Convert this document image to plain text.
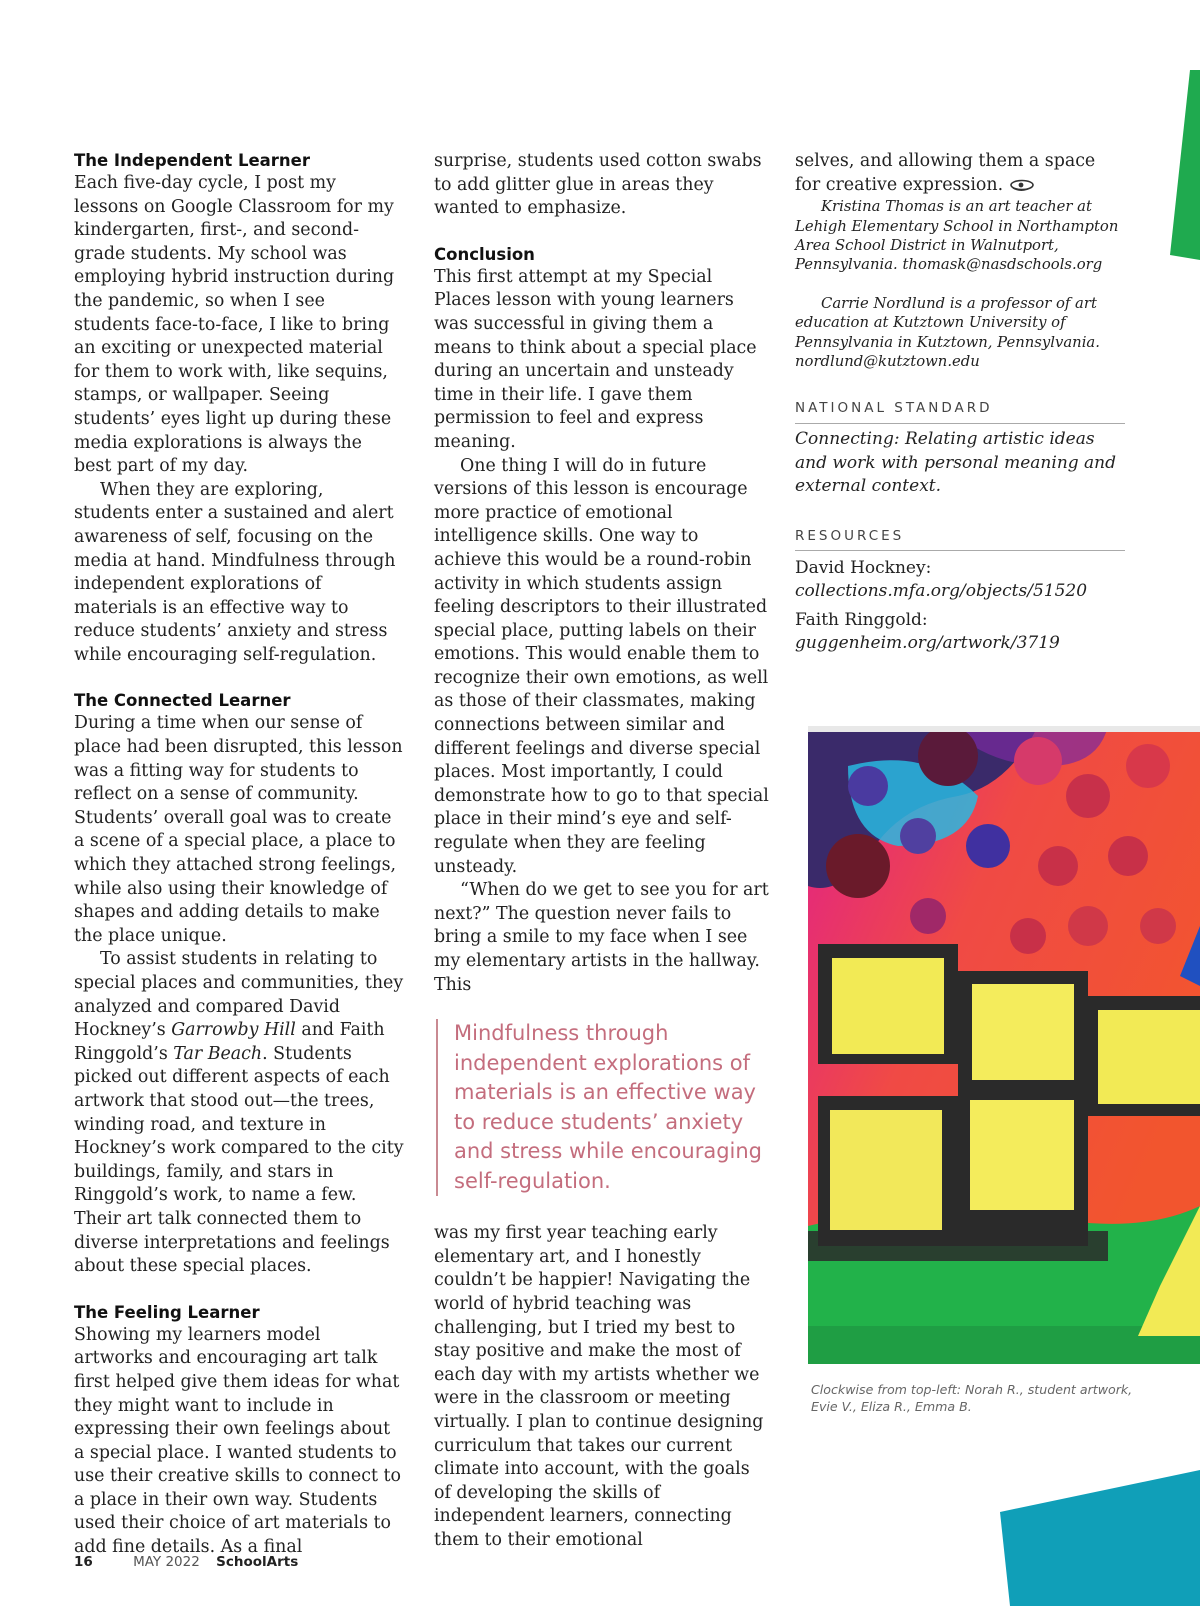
The Independent Learner

Each five-day cycle, I post my lessons on Google Classroom for my kindergarten, first-, and second-grade students. My school was employing hybrid instruction during the pandemic, so when I see students face-to-face, I like to bring an exciting or unexpected material for them to work with, like sequins, stamps, or wallpaper. Seeing students’ eyes light up during these media explorations is always the best part of my day.

When they are exploring, students enter a sustained and alert awareness of self, focusing on the media at hand. Mindfulness through independent explorations of materials is an effective way to reduce students’ anxiety and stress while encouraging self-regulation.

The Connected Learner

During a time when our sense of place had been disrupted, this lesson was a fitting way for students to reflect on a sense of community. Students’ overall goal was to create a scene of a special place, a place to which they attached strong feelings, while also using their knowledge of shapes and adding details to make the place unique.

To assist students in relating to special places and communities, they analyzed and compared David Hockney’s Garrowby Hill and Faith Ringgold’s Tar Beach. Students picked out different aspects of each artwork that stood out—the trees, winding road, and texture in Hockney’s work compared to the city buildings, family, and stars in Ringgold’s work, to name a few. Their art talk connected them to diverse interpretations and feelings about these special places.

The Feeling Learner

Showing my learners model artworks and encouraging art talk first helped give them ideas for what they might want to include in expressing their own feelings about a special place. I wanted students to use their creative skills to connect to a place in their own way. Students used their choice of art materials to add fine details. As a final

surprise, students used cotton swabs to add glitter glue in areas they wanted to emphasize.

Conclusion

This first attempt at my Special Places lesson with young learners was successful in giving them a means to think about a special place during an uncertain and unsteady time in their life. I gave them permission to feel and express meaning.

One thing I will do in future versions of this lesson is encourage more practice of emotional intelligence skills. One way to achieve this would be a round-robin activity in which students assign feeling descriptors to their illustrated special place, putting labels on their emotions. This would enable them to recognize their own emotions, as well as those of their classmates, making connections between similar and different feelings and diverse special places. Most importantly, I could demonstrate how to go to that special place in their mind’s eye and self-regulate when they are feeling unsteady.

“When do we get to see you for art next?” The question never fails to bring a smile to my face when I see my elementary artists in the hallway. This

Mindfulness through independent explorations of materials is an effective way to reduce students’ anxiety and stress while encouraging self-regulation.

was my first year teaching early elementary art, and I honestly couldn’t be happier! Navigating the world of hybrid teaching was challenging, but I tried my best to stay positive and make the most of each day with my artists whether we were in the classroom or meeting virtually. I plan to continue designing curriculum that takes our current climate into account, with the goals of developing the skills of independent learners, connecting them to their emotional

selves, and allowing them a space for creative expression.

Kristina Thomas is an art teacher at Lehigh Elementary School in Northampton Area School District in Walnutport, Pennsylvania. thomask@nasdschools.org

Carrie Nordlund is a professor of art education at Kutztown University of Pennsylvania in Kutztown, Pennsylvania. nordlund@kutztown.edu

NATIONAL STANDARD
Connecting: Relating artistic ideas and work with personal meaning and external context.
RESOURCES
David Hockney:
collections.mfa.org/objects/51520
Faith Ringgold:
guggenheim.org/artwork/3719
Clockwise from top-left: Norah R., student artwork, Evie V., Eliza R., Emma B.
16	MAY 2022 SchoolArts
